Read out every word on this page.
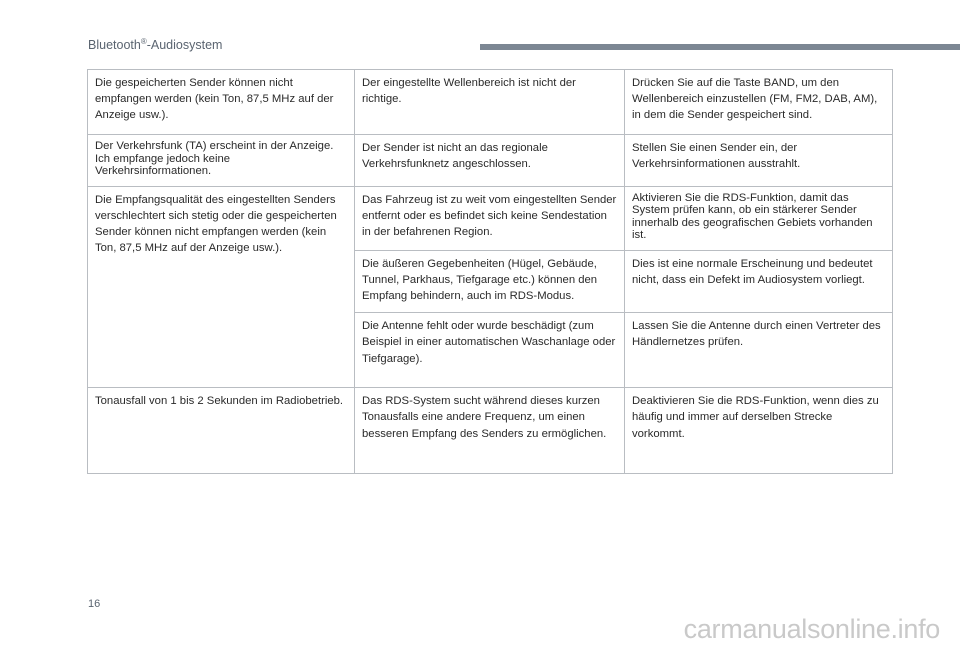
Bluetooth®-Audiosystem
Die gespeicherten Sender können nicht empfangen werden (kein Ton, 87,5 MHz auf der Anzeige usw.).	Der eingestellte Wellenbereich ist nicht der richtige.	Drücken Sie auf die Taste BAND, um den Wellenbereich einzustellen (FM, FM2, DAB, AM), in dem die Sender gespeichert sind.
Der Verkehrsfunk (TA) erscheint in der Anzeige. Ich empfange jedoch keine Verkehrsinformationen.	Der Sender ist nicht an das regionale Verkehrsfunknetz angeschlossen.	Stellen Sie einen Sender ein, der Verkehrsinformationen ausstrahlt.
Die Empfangsqualität des eingestellten Senders verschlechtert sich stetig oder die gespeicherten Sender können nicht empfangen werden (kein Ton, 87,5 MHz auf der Anzeige usw.).	Das Fahrzeug ist zu weit vom eingestellten Sender entfernt oder es befindet sich keine Sendestation in der befahrenen Region.	Aktivieren Sie die RDS-Funktion, damit das System prüfen kann, ob ein stärkerer Sender innerhalb des geografischen Gebiets vorhanden ist.
	Die äußeren Gegebenheiten (Hügel, Gebäude, Tunnel, Parkhaus, Tiefgarage etc.) können den Empfang behindern, auch im RDS-Modus.	Dies ist eine normale Erscheinung und bedeutet nicht, dass ein Defekt im Audiosystem vorliegt.
	Die Antenne fehlt oder wurde beschädigt (zum Beispiel in einer automatischen Waschanlage oder Tiefgarage).	Lassen Sie die Antenne durch einen Vertreter des Händlernetzes prüfen.
Tonausfall von 1 bis 2 Sekunden im Radiobetrieb.	Das RDS-System sucht während dieses kurzen Tonausfalls eine andere Frequenz, um einen besseren Empfang des Senders zu ermöglichen.	Deaktivieren Sie die RDS-Funktion, wenn dies zu häufig und immer auf derselben Strecke vorkommt.
16
carmanualsonline.info
